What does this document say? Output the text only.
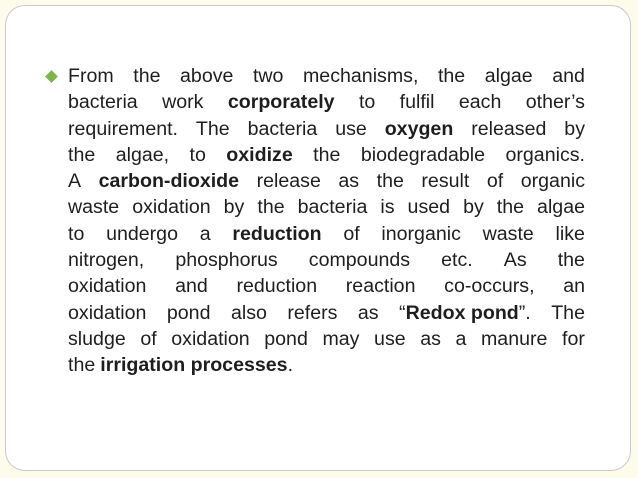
From the above two mechanisms, the algae and
bacteria work corporately to fulfil each other’s
requirement. The bacteria use oxygen released by
the algae, to oxidize the biodegradable organics.
A carbon-dioxide release as the result of organic
waste oxidation by the bacteria is used by the algae
to undergo a reduction of inorganic waste like
nitrogen, phosphorus compounds etc. As the
oxidation and reduction reaction co-occurs, an
oxidation pond also refers as “Redox pond”. The
sludge of oxidation pond may use as a manure for
the irrigation processes.
